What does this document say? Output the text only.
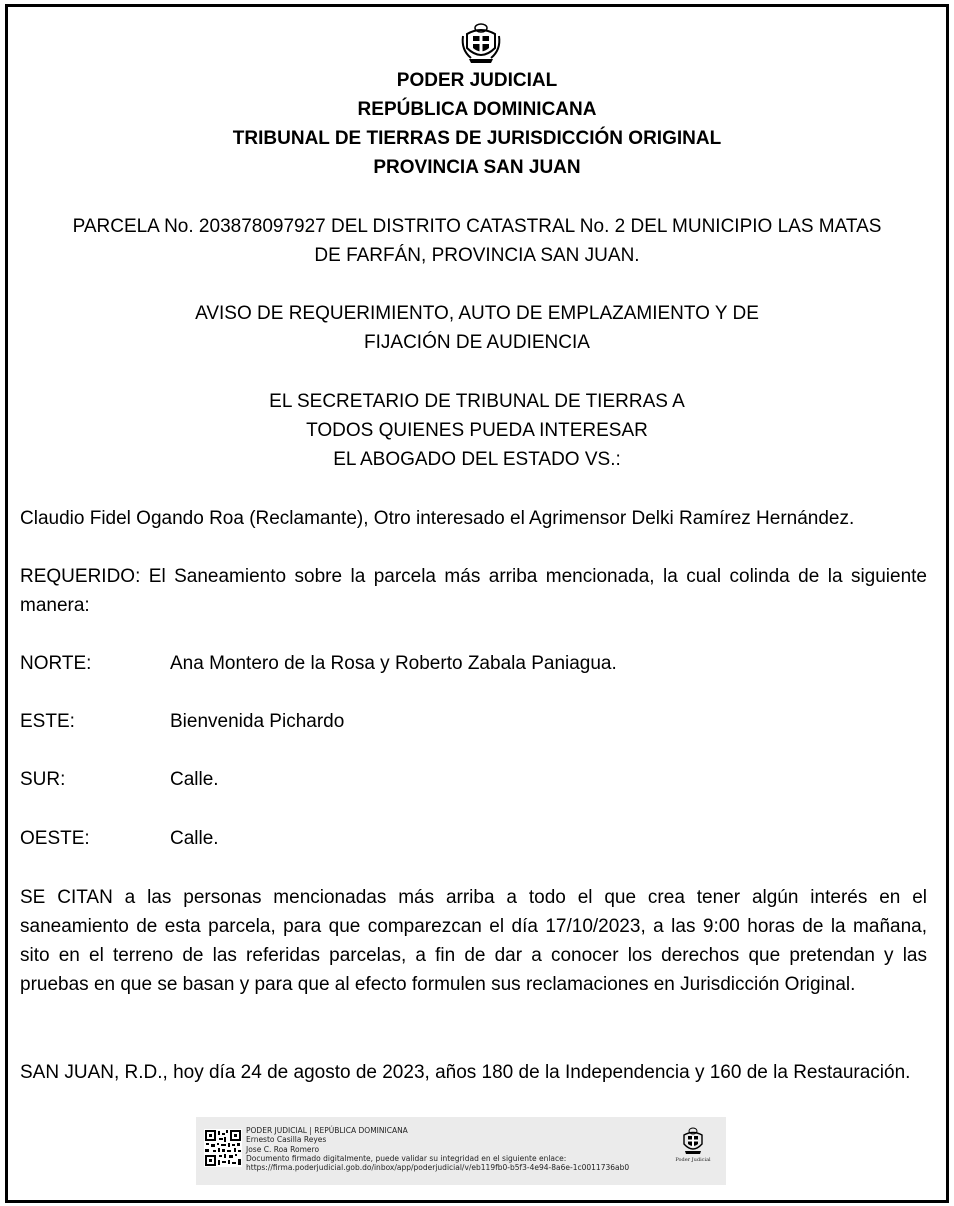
PODER JUDICIAL
REPÚBLICA DOMINICANA
TRIBUNAL DE TIERRAS DE JURISDICCIÓN ORIGINAL
PROVINCIA SAN JUAN
PARCELA No. 203878097927 DEL DISTRITO CATASTRAL No. 2 DEL MUNICIPIO LAS MATAS
DE FARFÁN, PROVINCIA SAN JUAN.
AVISO DE REQUERIMIENTO, AUTO DE EMPLAZAMIENTO Y DE
FIJACIÓN DE AUDIENCIA
EL SECRETARIO DE TRIBUNAL DE TIERRAS A
TODOS QUIENES PUEDA INTERESAR
EL ABOGADO DEL ESTADO VS.:
Claudio Fidel Ogando Roa (Reclamante), Otro interesado el Agrimensor Delki Ramírez Hernández.
REQUERIDO: El Saneamiento sobre la parcela más arriba mencionada, la cual colinda de la siguiente manera:
NORTE:	Ana Montero de la Rosa y Roberto Zabala Paniagua.
ESTE:	Bienvenida Pichardo
SUR:	Calle.
OESTE:	Calle.
SE CITAN a las personas mencionadas más arriba a todo el que crea tener algún interés en el saneamiento de esta parcela, para que comparezcan el día 17/10/2023, a las 9:00 horas de la mañana, sito en el terreno de las referidas parcelas, a fin de dar a conocer los derechos que pretendan y las pruebas en que se basan y para que al efecto formulen sus reclamaciones en Jurisdicción Original.
SAN JUAN, R.D., hoy día 24 de agosto de 2023, años 180 de la Independencia y 160 de la Restauración.
PODER JUDICIAL | REPÚBLICA DOMINICANA
Ernesto Casilla Reyes
Jose C. Roa Romero
Documento firmado digitalmente, puede validar su integridad en el siguiente enlace:
https://firma.poderjudicial.gob.do/inbox/app/poderjudicial/v/eb119fb0-b5f3-4e94-8a6e-1c0011736ab0
Poder Judicial
